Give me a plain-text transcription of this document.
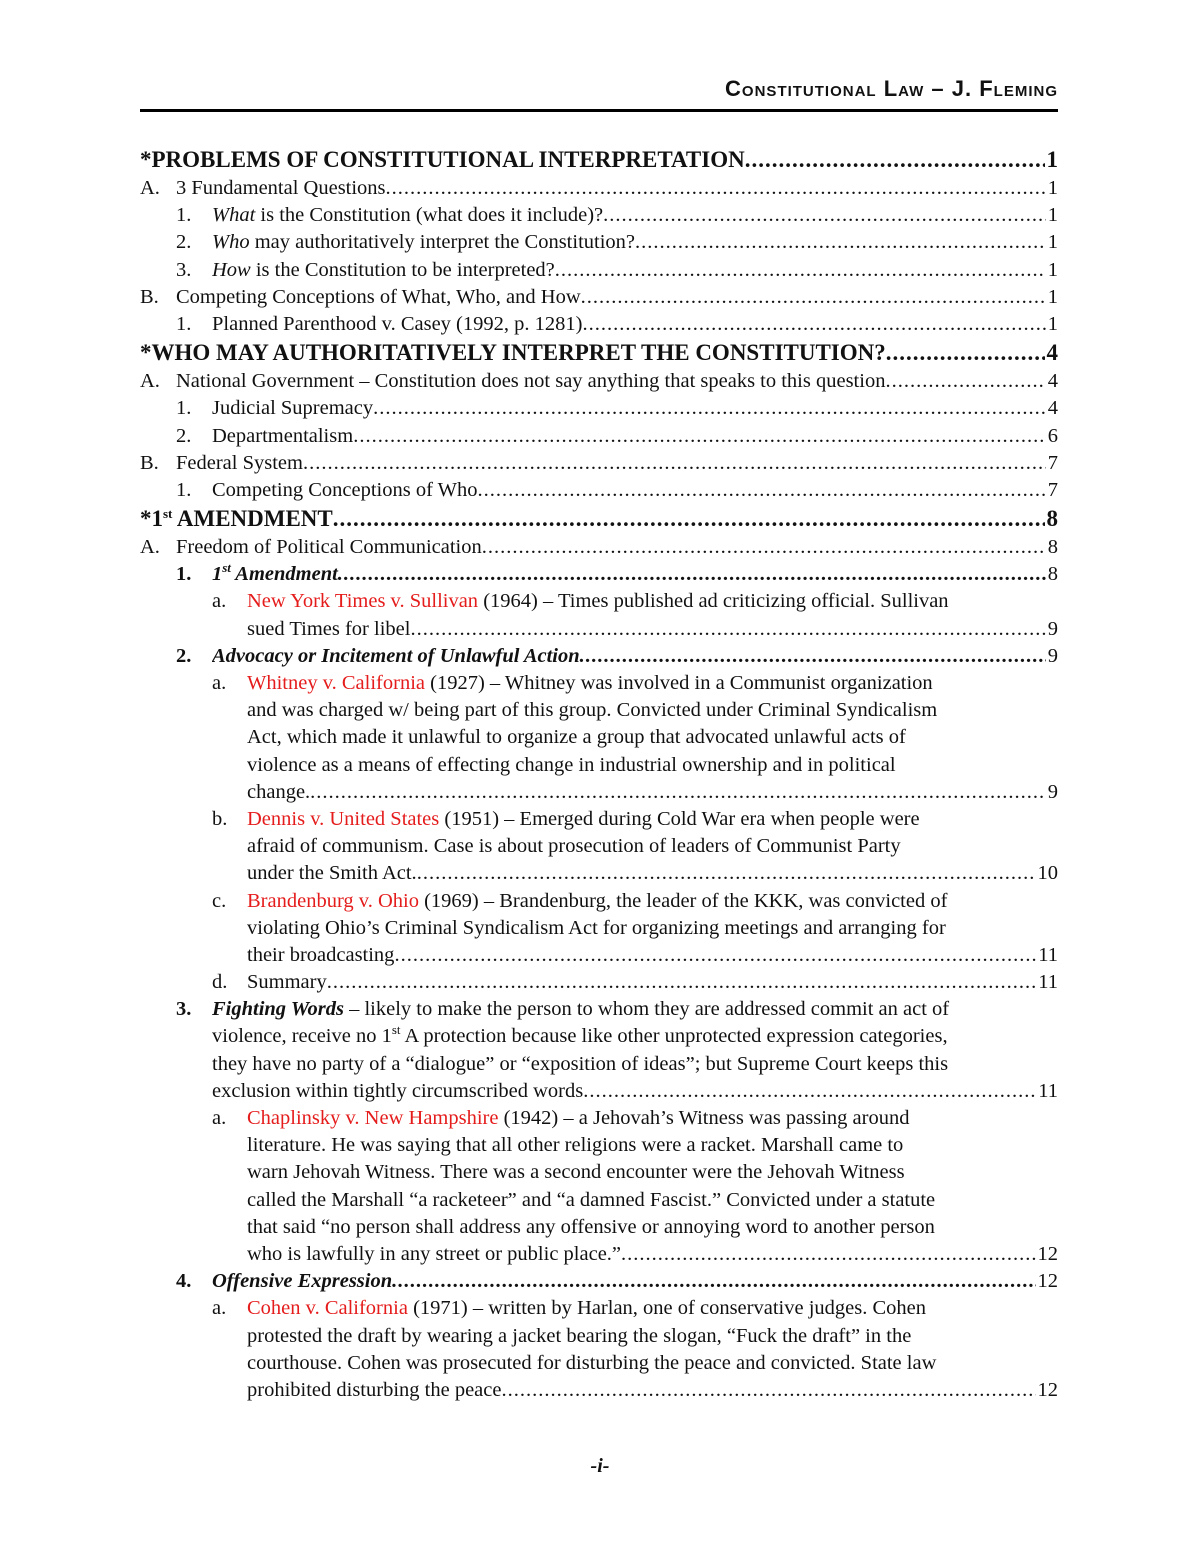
Constitutional Law – J. Fleming
*PROBLEMS OF CONSTITUTIONAL INTERPRETATION .....	1
A. 3 Fundamental Questions .....	1
1. What is the Constitution (what does it include)? .....	1
2. Who may authoritatively interpret the Constitution? .....	1
3. How is the Constitution to be interpreted? .....	1
B. Competing Conceptions of What, Who, and How .....	1
1. Planned Parenthood v. Casey (1992, p. 1281) .....	1
*WHO MAY AUTHORITATIVELY INTERPRET THE CONSTITUTION? .....	4
A. National Government – Constitution does not say anything that speaks to this question .....	4
1. Judicial Supremacy .....	4
2. Departmentalism .....	6
B. Federal System .....	7
1. Competing Conceptions of Who .....	7
*1st AMENDMENT .....	8
A. Freedom of Political Communication .....	8
1. 1st Amendment .....	8
a. New York Times v. Sullivan (1964) – Times published ad criticizing official. Sullivan
sued Times for libel .....	9
2. Advocacy or Incitement of Unlawful Action .....	9
a. Whitney v. California (1927) – Whitney was involved in a Communist organization
and was charged w/ being part of this group. Convicted under Criminal Syndicalism
Act, which made it unlawful to organize a group that advocated unlawful acts of
violence as a means of effecting change in industrial ownership and in political
change. .....	9
b. Dennis v. United States (1951) – Emerged during Cold War era when people were
afraid of communism. Case is about prosecution of leaders of Communist Party
under the Smith Act. .....	10
c. Brandenburg v. Ohio (1969) – Brandenburg, the leader of the KKK, was convicted of
violating Ohio’s Criminal Syndicalism Act for organizing meetings and arranging for
their broadcasting .....	11
d. Summary .....	11
3. Fighting Words – likely to make the person to whom they are addressed commit an act of
violence, receive no 1st A protection because like other unprotected expression categories,
they have no party of a “dialogue” or “exposition of ideas”; but Supreme Court keeps this
exclusion within tightly circumscribed words .....	11
a. Chaplinsky v. New Hampshire (1942) – a Jehovah’s Witness was passing around
literature. He was saying that all other religions were a racket. Marshall came to
warn Jehovah Witness. There was a second encounter were the Jehovah Witness
called the Marshall “a racketeer” and “a damned Fascist.” Convicted under a statute
that said “no person shall address any offensive or annoying word to another person
who is lawfully in any street or public place.” .....	12
4. Offensive Expression .....	12
a. Cohen v. California (1971) – written by Harlan, one of conservative judges. Cohen
protested the draft by wearing a jacket bearing the slogan, “Fuck the draft” in the
courthouse. Cohen was prosecuted for disturbing the peace and convicted. State law
prohibited disturbing the peace .....	12
-i-
